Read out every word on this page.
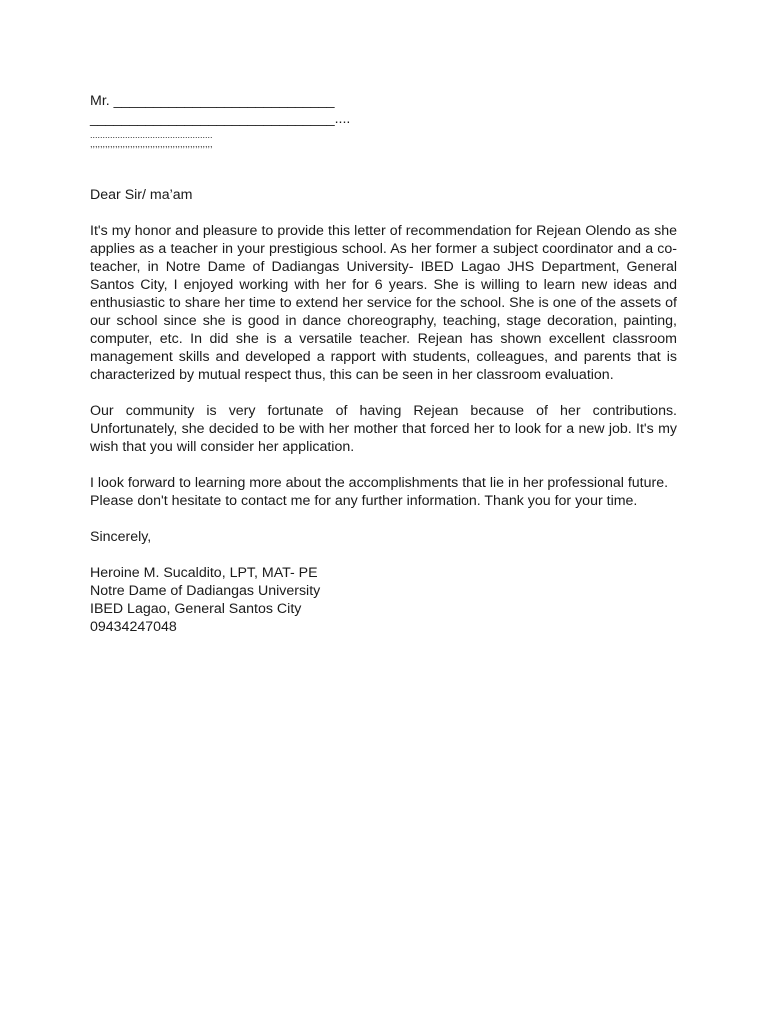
Mr. ____________________________
_______________________________....
.................................................
,,,,,,,,,,,,,,,,,,,,,,,,,,,,,,,,,,,,,,,,,,,,,,,,,
Dear Sir/ ma’am

It's my honor and pleasure to provide this letter of recommendation for Rejean Olendo as she applies as a teacher in your prestigious school. As her former a subject coordinator and a co-teacher, in Notre Dame of Dadiangas University- IBED Lagao JHS Department, General Santos City, I enjoyed working with her for 6 years. She is willing to learn new ideas and enthusiastic to share her time to extend her service for the school. She is one of the assets of our school since she is good in dance choreography, teaching, stage decoration, painting, computer, etc. In did she is a versatile teacher. Rejean has shown excellent classroom management skills and developed a rapport with students, colleagues, and parents that is characterized by mutual respect thus, this can be seen in her classroom evaluation.

Our community is very fortunate of having Rejean because of her contributions. Unfortunately, she decided to be with her mother that forced her to look for a new job. It's my wish that you will consider her application.

I look forward to learning more about the accomplishments that lie in her professional future. Please don't hesitate to contact me for any further information. Thank you for your time.

Sincerely,
Heroine M. Sucaldito, LPT, MAT- PE
Notre Dame of Dadiangas University
IBED Lagao, General Santos City
09434247048
